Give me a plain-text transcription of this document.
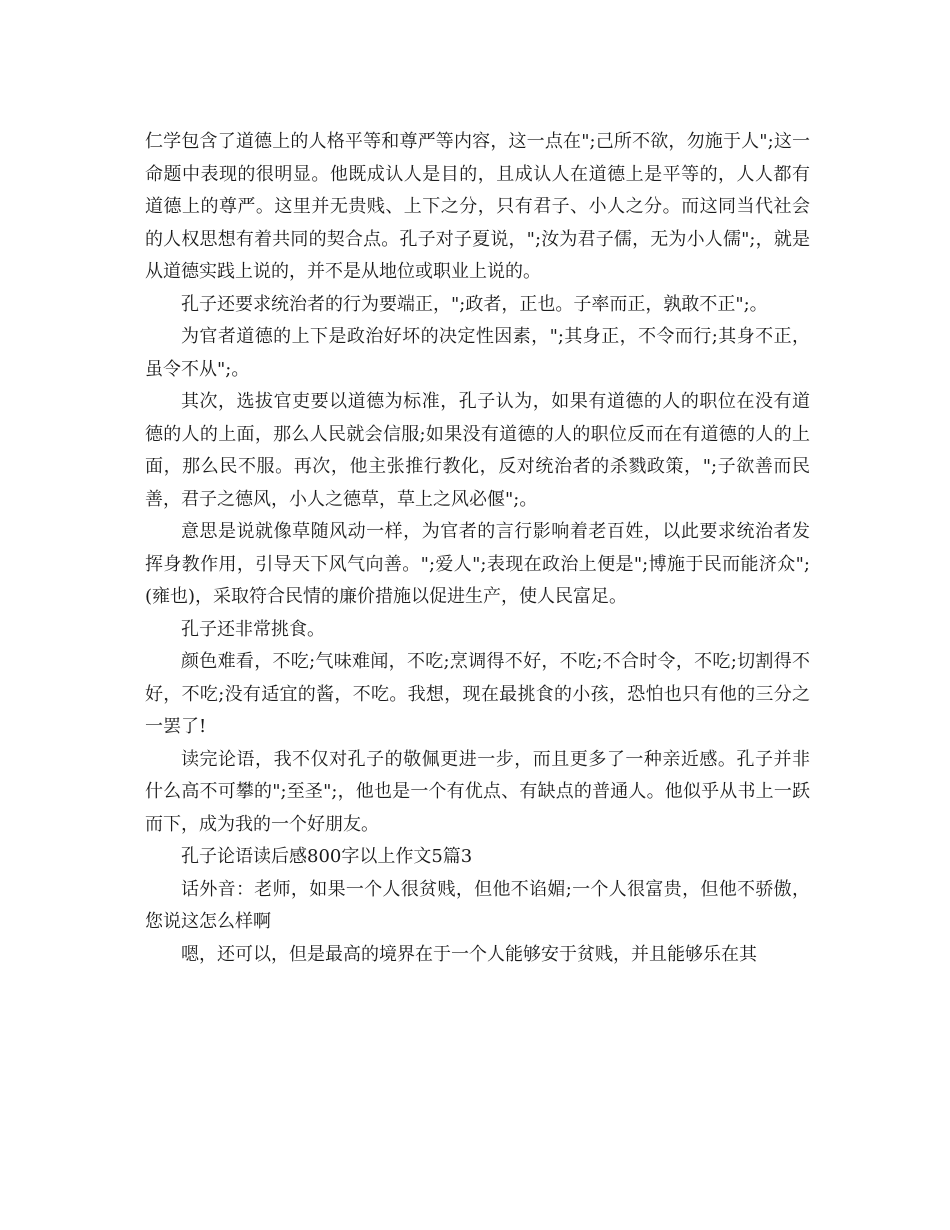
仁学包含了道德上的人格平等和尊严等内容，这一点在";己所不欲，勿施于人";这一命题中表现的很明显。他既成认人是目的，且成认人在道德上是平等的，人人都有道德上的尊严。这里并无贵贱、上下之分，只有君子、小人之分。而这同当代社会的人权思想有着共同的契合点。孔子对子夏说，";汝为君子儒，无为小人儒";，就是从道德实践上说的，并不是从地位或职业上说的。

孔子还要求统治者的行为要端正，";政者，正也。子率而正，孰敢不正";。

为官者道德的上下是政治好坏的决定性因素，";其身正，不令而行;其身不正，虽令不从";。

其次，选拔官吏要以道德为标准，孔子认为，如果有道德的人的职位在没有道德的人的上面，那么人民就会信服;如果没有道德的人的职位反而在有道德的人的上面，那么民不服。再次，他主张推行教化，反对统治者的杀戮政策，";子欲善而民善，君子之德风，小人之德草，草上之风必偃";。

意思是说就像草随风动一样，为官者的言行影响着老百姓，以此要求统治者发挥身教作用，引导天下风气向善。";爱人";表现在政治上便是";博施于民而能济众";(雍也)，采取符合民情的廉价措施以促进生产，使人民富足。

孔子还非常挑食。

颜色难看，不吃;气味难闻，不吃;烹调得不好，不吃;不合时令，不吃;切割得不好，不吃;没有适宜的酱，不吃。我想，现在最挑食的小孩，恐怕也只有他的三分之一罢了!

读完论语，我不仅对孔子的敬佩更进一步，而且更多了一种亲近感。孔子并非什么高不可攀的";至圣";，他也是一个有优点、有缺点的普通人。他似乎从书上一跃而下，成为我的一个好朋友。

孔子论语读后感800字以上作文5篇3

话外音：老师，如果一个人很贫贱，但他不谄媚;一个人很富贵，但他不骄傲，您说这怎么样啊

嗯，还可以，但是最高的境界在于一个人能够安于贫贱，并且能够乐在其
